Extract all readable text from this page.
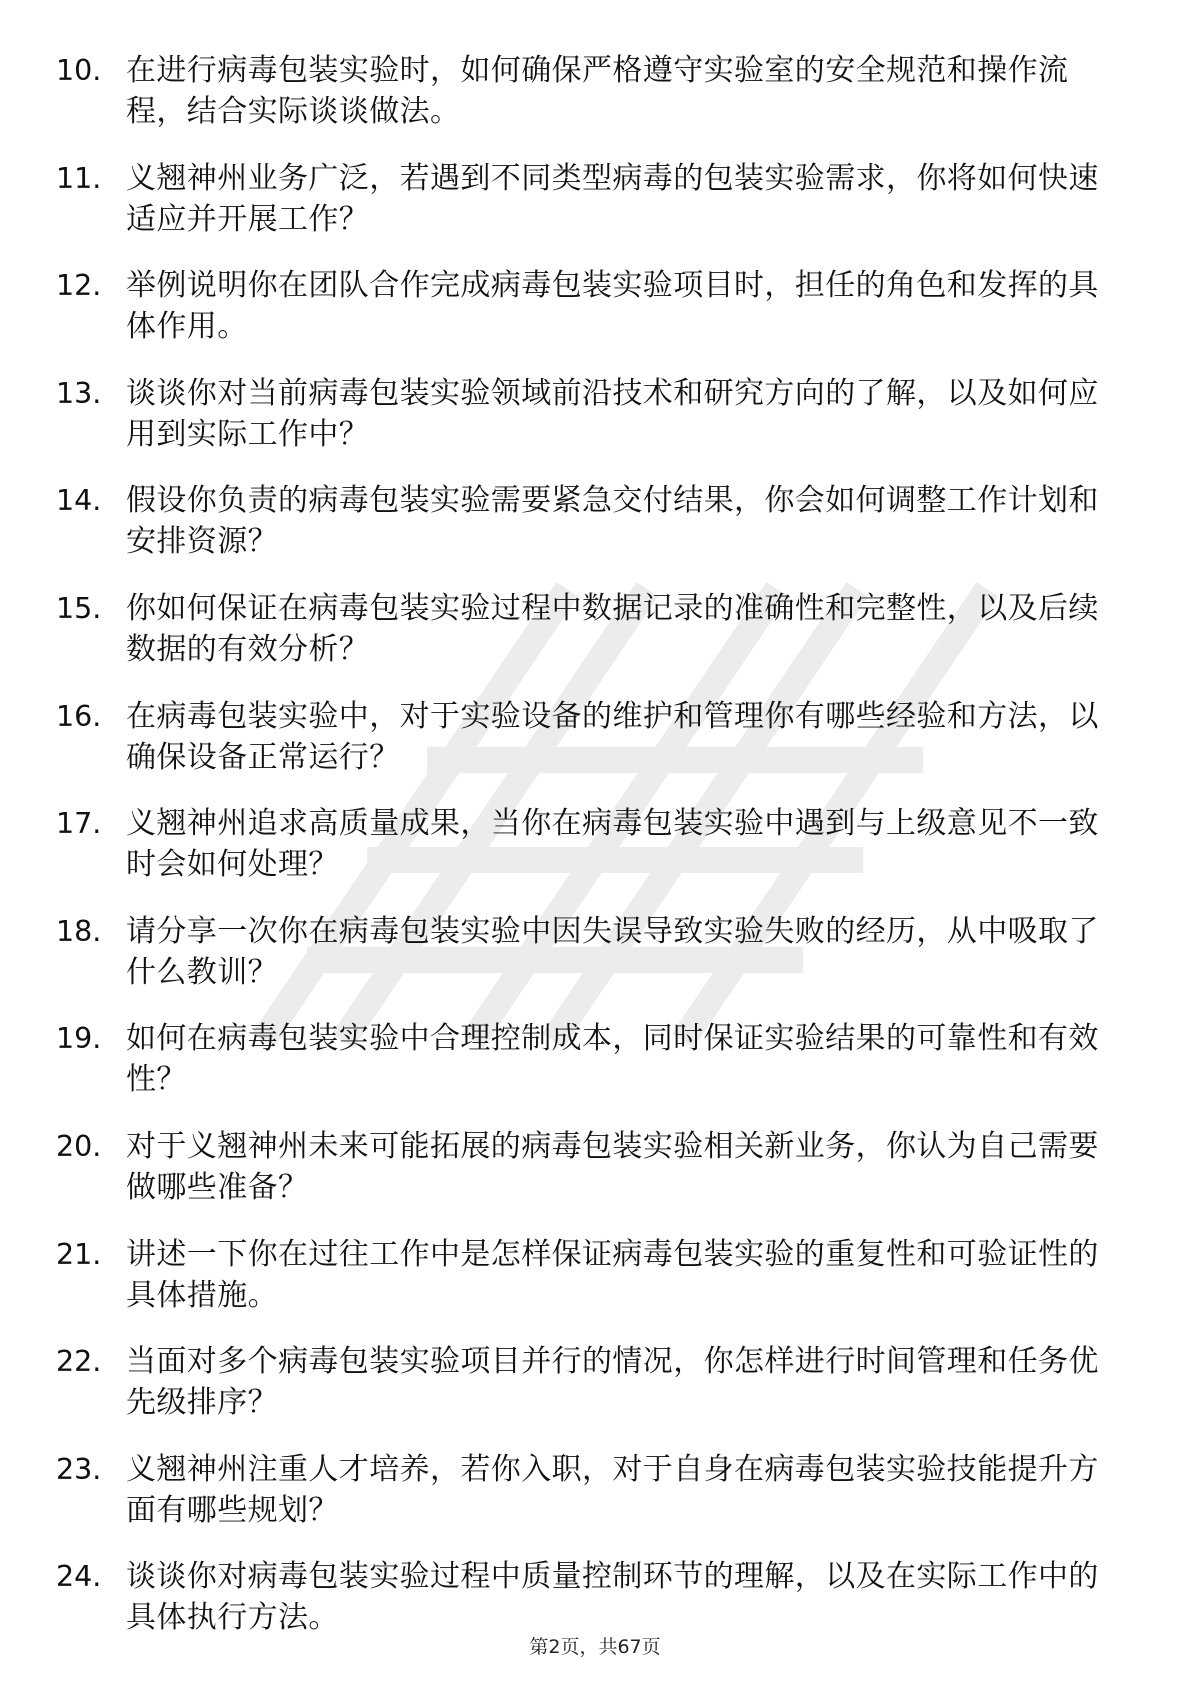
10. 在进行病毒包装实验时，如何确保严格遵守实验室的安全规范和操作流程，结合实际谈谈做法。
11. 义翘神州业务广泛，若遇到不同类型病毒的包装实验需求，你将如何快速适应并开展工作？
12. 举例说明你在团队合作完成病毒包装实验项目时，担任的角色和发挥的具体作用。
13. 谈谈你对当前病毒包装实验领域前沿技术和研究方向的了解，以及如何应用到实际工作中？
14. 假设你负责的病毒包装实验需要紧急交付结果，你会如何调整工作计划和安排资源？
15. 你如何保证在病毒包装实验过程中数据记录的准确性和完整性，以及后续数据的有效分析？
16. 在病毒包装实验中，对于实验设备的维护和管理你有哪些经验和方法，以确保设备正常运行？
17. 义翘神州追求高质量成果，当你在病毒包装实验中遇到与上级意见不一致时会如何处理？
18. 请分享一次你在病毒包装实验中因失误导致实验失败的经历，从中吸取了什么教训？
19. 如何在病毒包装实验中合理控制成本，同时保证实验结果的可靠性和有效性？
20. 对于义翘神州未来可能拓展的病毒包装实验相关新业务，你认为自己需要做哪些准备？
21. 讲述一下你在过往工作中是怎样保证病毒包装实验的重复性和可验证性的具体措施。
22. 当面对多个病毒包装实验项目并行的情况，你怎样进行时间管理和任务优先级排序？
23. 义翘神州注重人才培养，若你入职，对于自身在病毒包装实验技能提升方面有哪些规划？
24. 谈谈你对病毒包装实验过程中质量控制环节的理解，以及在实际工作中的具体执行方法。
第2页，共67页
